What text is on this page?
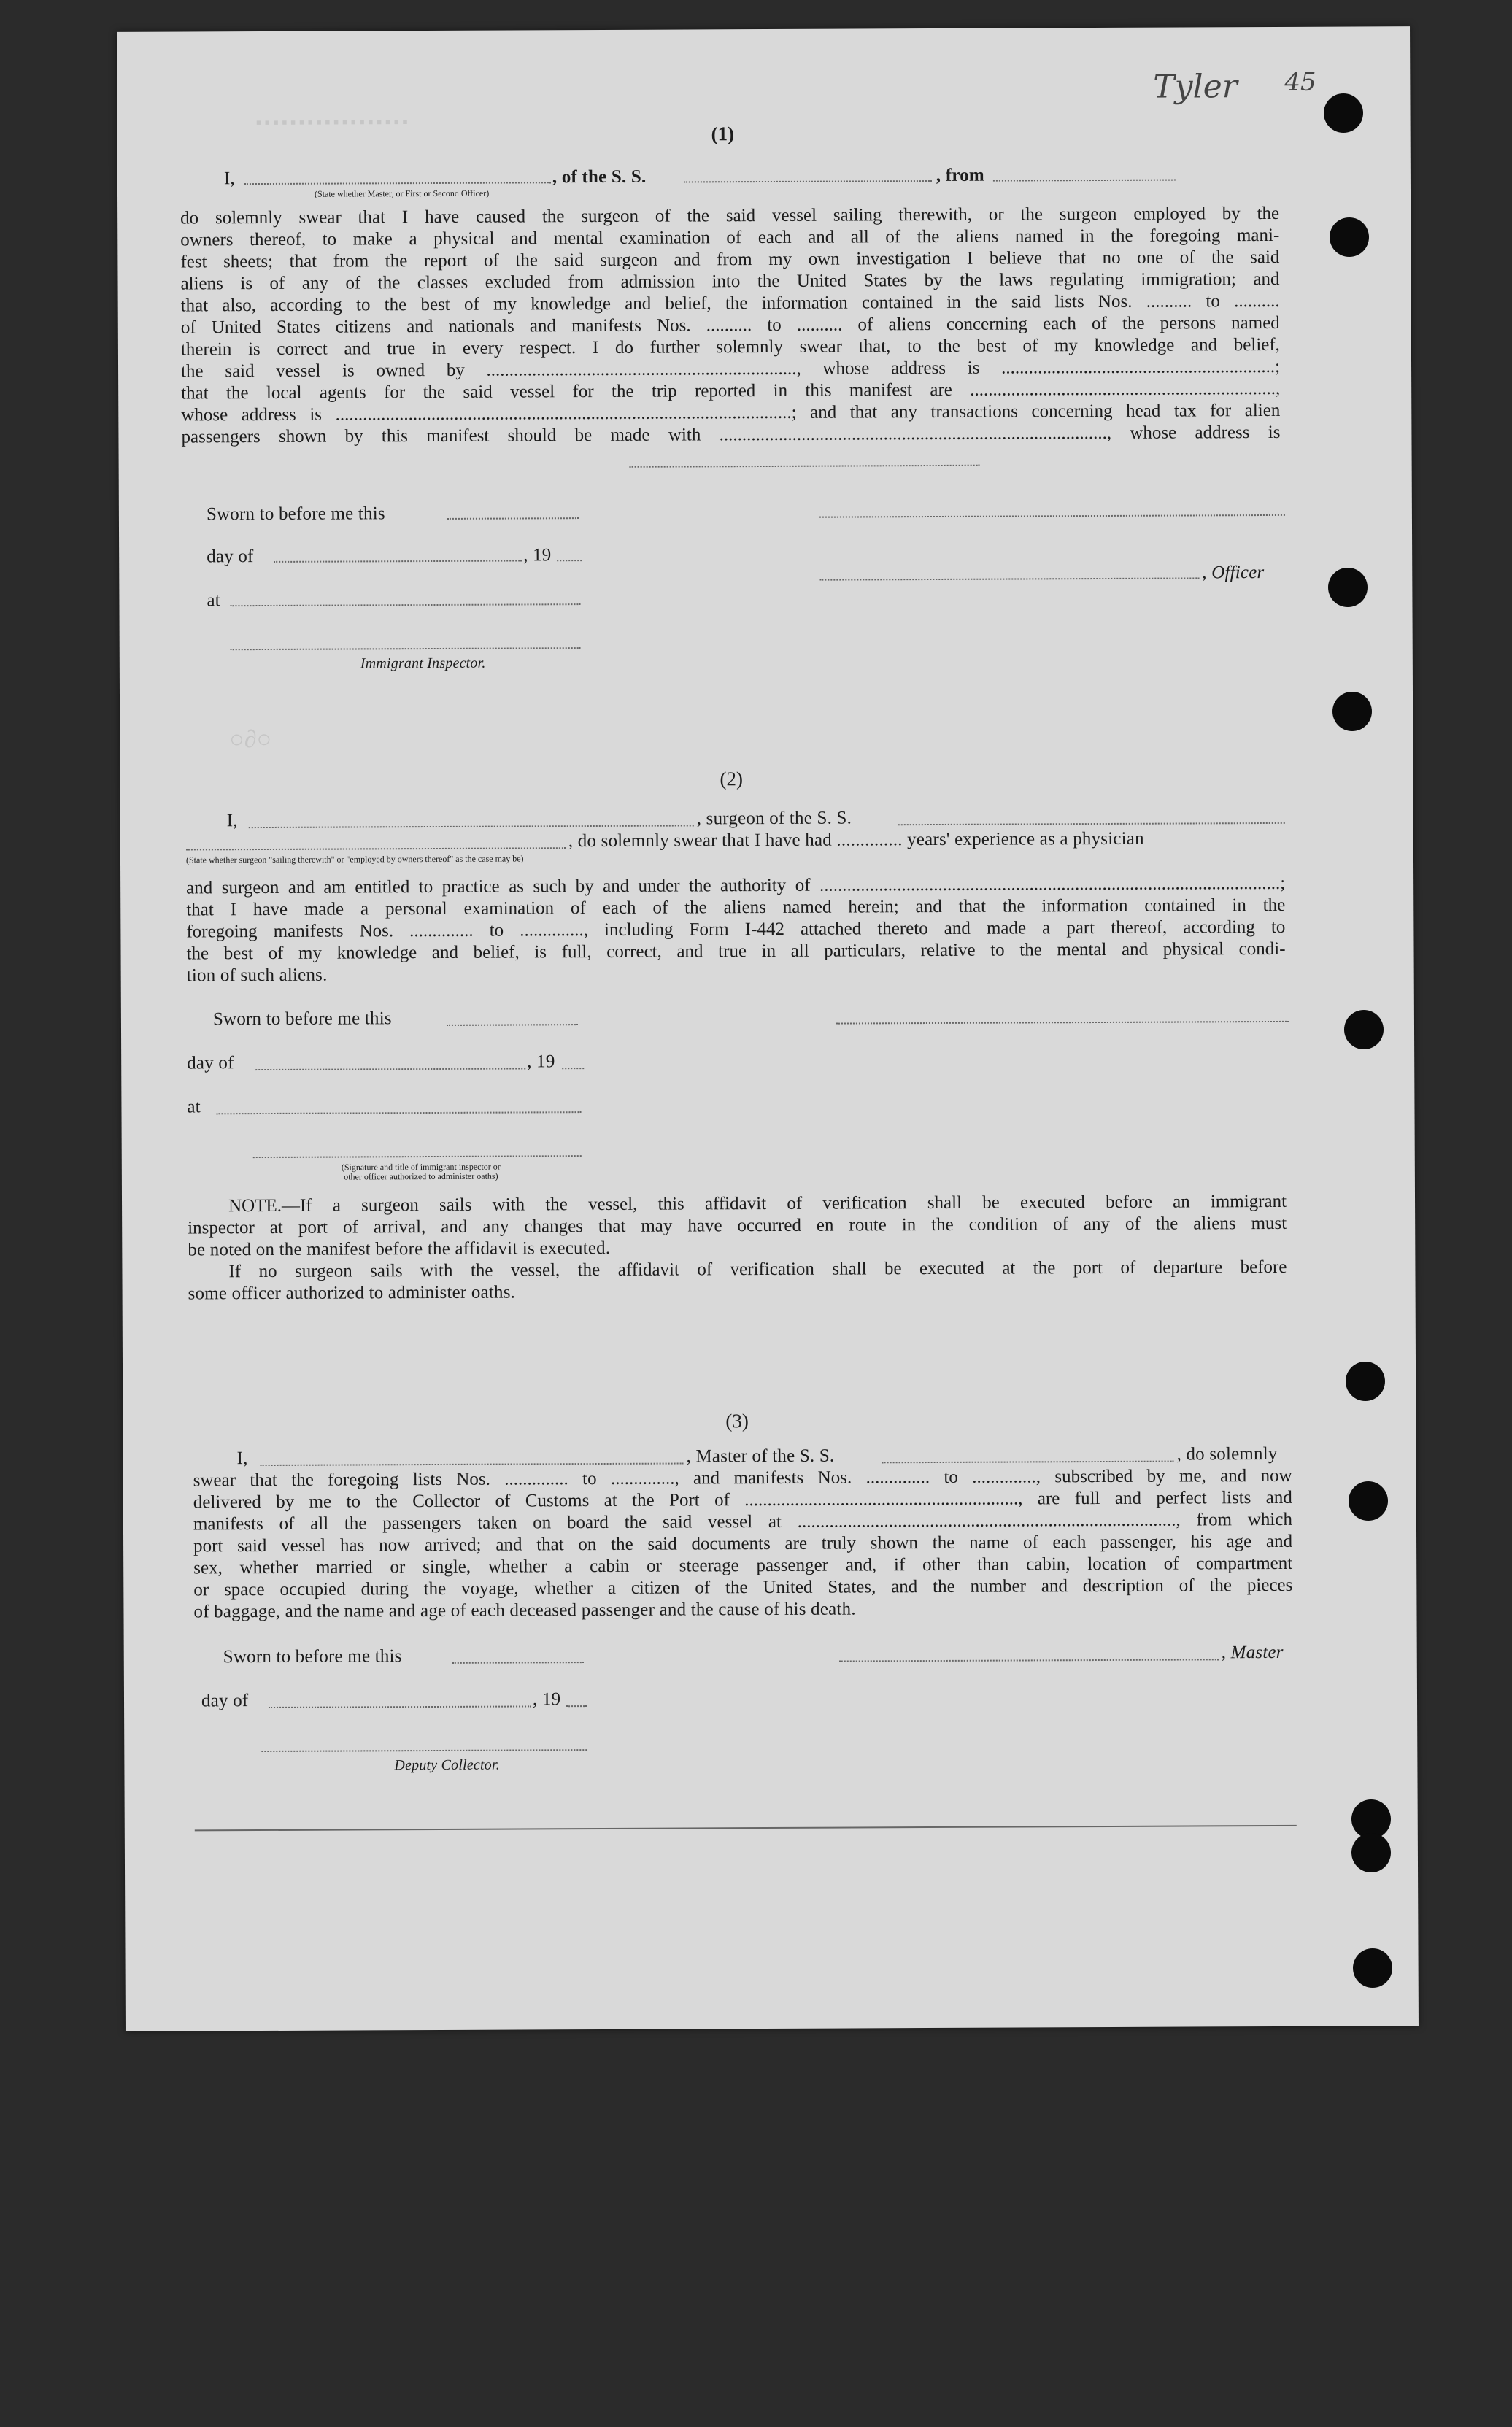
Tyler 45
▪▪▪▪▪▪▪▪▪▪▪▪▪▪▪▪▪▪
(1)
I,	, of the S. S.	, from
(State whether Master, or First or Second Officer)
do solemnly swear that I have caused the surgeon of the said vessel sailing therewith, or the surgeon employed by the
owners thereof, to make a physical and mental examination of each and all of the aliens named in the foregoing mani-
fest sheets; that from the report of the said surgeon and from my own investigation I believe that no one of the said
aliens is of any of the classes excluded from admission into the United States by the laws regulating immigration; and
that also, according to the best of my knowledge and belief, the information contained in the said lists Nos. .......... to ..........
of United States citizens and nationals and manifests Nos. .......... to .......... of aliens concerning each of the persons named
therein is correct and true in every respect. I do further solemnly swear that, to the best of my knowledge and belief,
the said vessel is owned by ...................................................................., whose address is ............................................................;
that the local agents for the said vessel for the trip reported in this manifest are ...................................................................,
whose address is ....................................................................................................; and that any transactions concerning head tax for alien
passengers shown by this manifest should be made with ....................................................................................., whose address is
Sworn to before me this
day of	, 19
, Officer
at
Immigrant Inspector.
○∂○
(2)
I,	, surgeon of the S. S.
, do solemnly swear that I have had .............. years' experience as a physician
(State whether surgeon "sailing therewith" or "employed by owners thereof" as the case may be)
and surgeon and am entitled to practice as such by and under the authority of .....................................................................................................;
that I have made a personal examination of each of the aliens named herein; and that the information contained in the
foregoing manifests Nos. .............. to .............., including Form I-442 attached thereto and made a part thereof, according to
the best of my knowledge and belief, is full, correct, and true in all particulars, relative to the mental and physical condi-
tion of such aliens.
Sworn to before me this
day of	, 19
at
(Signature and title of immigrant inspector or
other officer authorized to administer oaths)
NOTE.—If a surgeon sails with the vessel, this affidavit of verification shall be executed before an immigrant
inspector at port of arrival, and any changes that may have occurred en route in the condition of any of the aliens must
be noted on the manifest before the affidavit is executed.
If no surgeon sails with the vessel, the affidavit of verification shall be executed at the port of departure before
some officer authorized to administer oaths.
(3)
I,	, Master of the S. S.	, do solemnly
swear that the foregoing lists Nos. .............. to .............., and manifests Nos. .............. to .............., subscribed by me, and now
delivered by me to the Collector of Customs at the Port of ............................................................, are full and perfect lists and
manifests of all the passengers taken on board the said vessel at ..................................................................................., from which
port said vessel has now arrived; and that on the said documents are truly shown the name of each passenger, his age and
sex, whether married or single, whether a cabin or steerage passenger and, if other than cabin, location of compartment
or space occupied during the voyage, whether a citizen of the United States, and the number and description of the pieces
of baggage, and the name and age of each deceased passenger and the cause of his death.
Sworn to before me this	, Master
day of	, 19
Deputy Collector.
